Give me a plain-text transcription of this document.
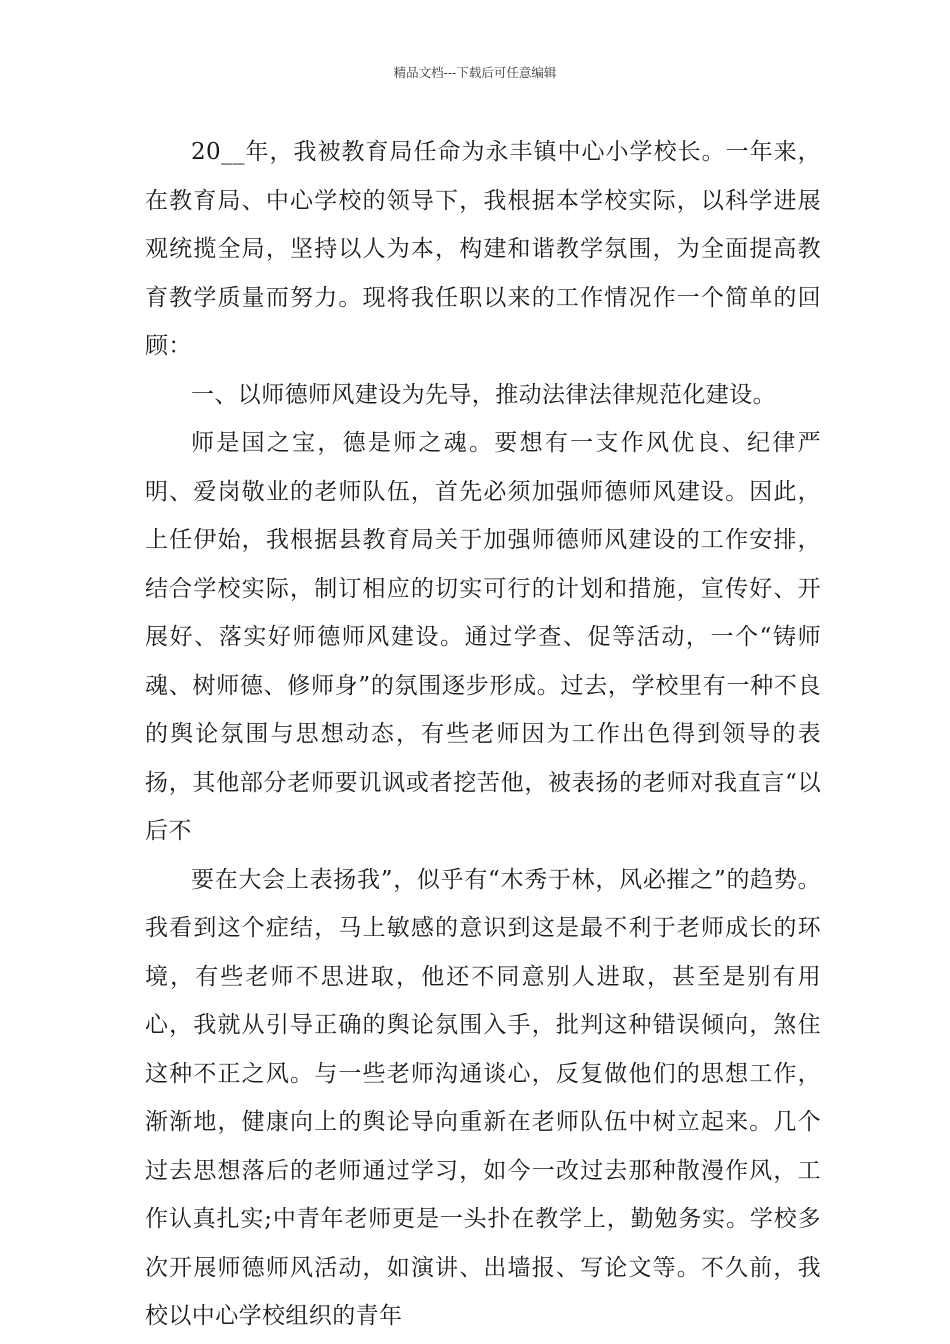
精品文档---下载后可任意编辑

20__年，我被教育局任命为永丰镇中心小学校长。一年来，在教育局、中心学校的领导下，我根据本学校实际，以科学进展观统揽全局，坚持以人为本，构建和谐教学氛围，为全面提高教育教学质量而努力。现将我任职以来的工作情况作一个简单的回顾：

一、以师德师风建设为先导，推动法律法律规范化建设。

师是国之宝，德是师之魂。要想有一支作风优良、纪律严明、爱岗敬业的老师队伍，首先必须加强师德师风建设。因此，上任伊始，我根据县教育局关于加强师德师风建设的工作安排，结合学校实际，制订相应的切实可行的计划和措施，宣传好、开展好、落实好师德师风建设。通过学查、促等活动，一个“铸师魂、树师德、修师身”的氛围逐步形成。过去，学校里有一种不良的舆论氛围与思想动态，有些老师因为工作出色得到领导的表扬，其他部分老师要讥讽或者挖苦他，被表扬的老师对我直言“以后不

要在大会上表扬我”，似乎有“木秀于林，风必摧之”的趋势。我看到这个症结，马上敏感的意识到这是最不利于老师成长的环境，有些老师不思进取，他还不同意别人进取，甚至是别有用心，我就从引导正确的舆论氛围入手，批判这种错误倾向，煞住这种不正之风。与一些老师沟通谈心，反复做他们的思想工作，渐渐地，健康向上的舆论导向重新在老师队伍中树立起来。几个过去思想落后的老师通过学习，如今一改过去那种散漫作风，工作认真扎实;中青年老师更是一头扑在教学上，勤勉务实。学校多次开展师德师风活动，如演讲、出墙报、写论文等。不久前，我校以中心学校组织的青年
